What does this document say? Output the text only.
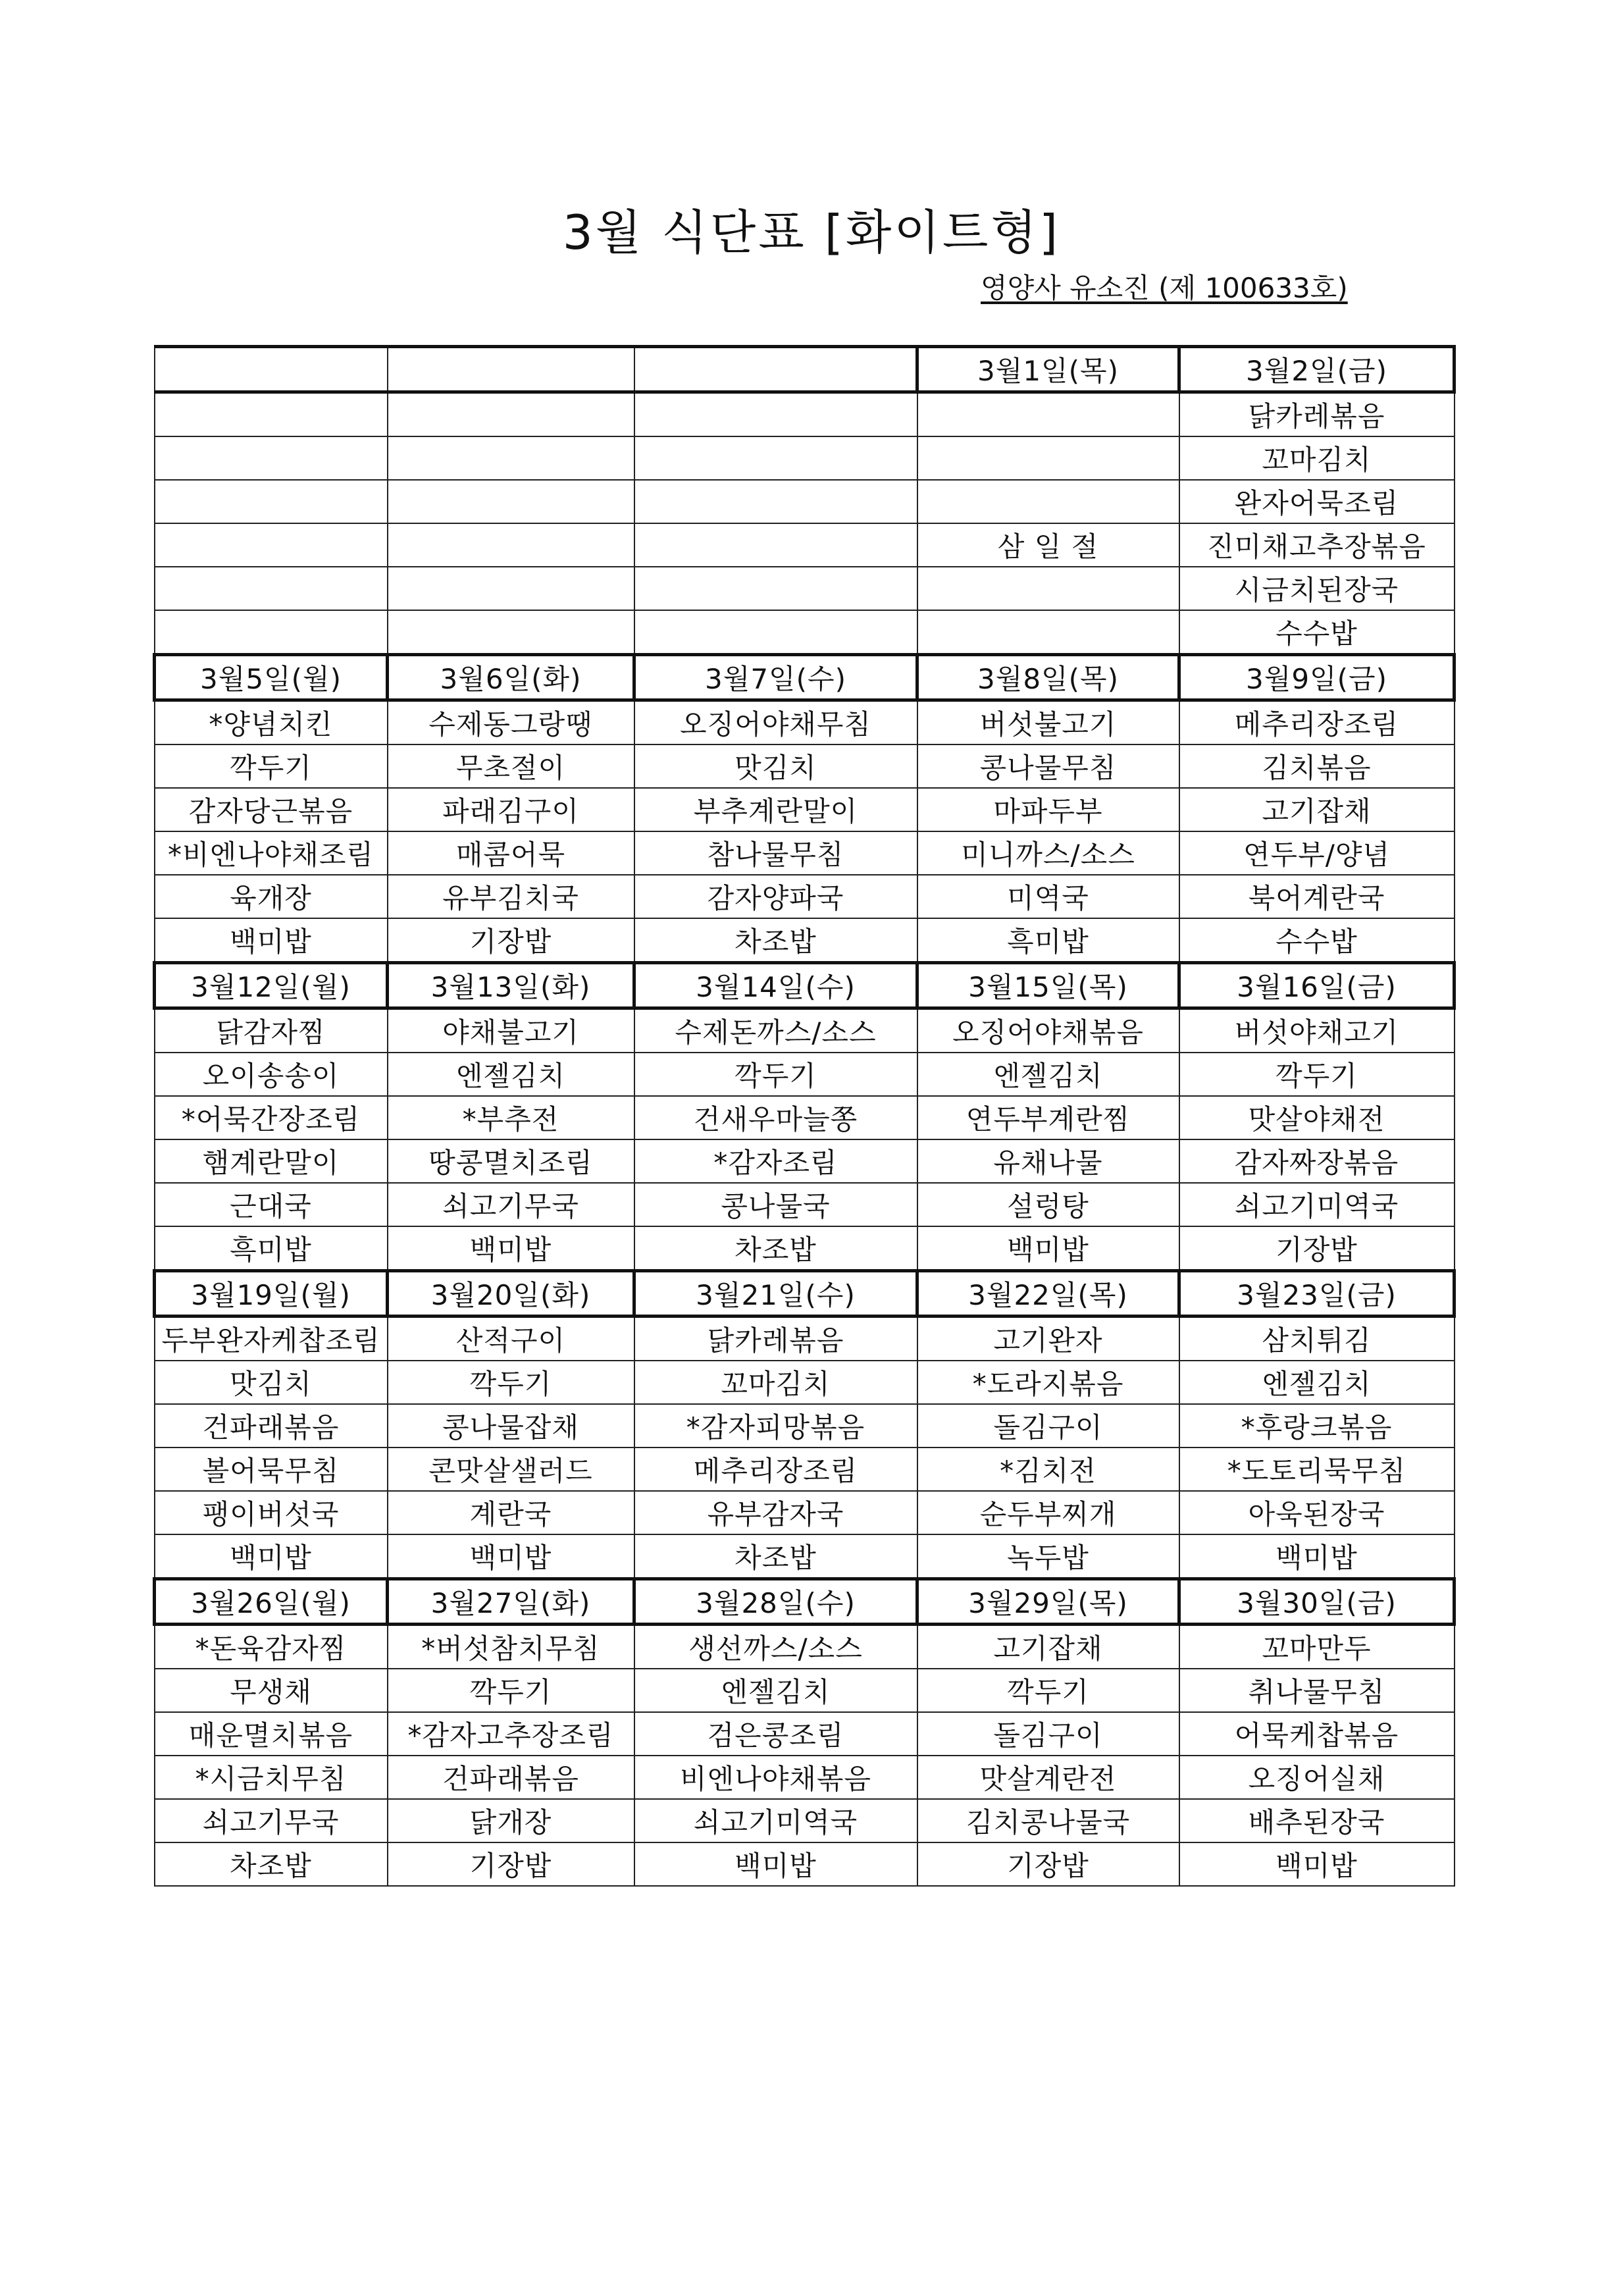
3월 식단표 [화이트형]
영양사 유소진 (제 100633호)
			3월1일(목)	3월2일(금)
				닭카레볶음
				꼬마김치
				완자어묵조림
			삼 일 절	진미채고추장볶음
				시금치된장국
				수수밥
3월5일(월)	3월6일(화)	3월7일(수)	3월8일(목)	3월9일(금)
*양념치킨	수제동그랑땡	오징어야채무침	버섯불고기	메추리장조림
깍두기	무초절이	맛김치	콩나물무침	김치볶음
감자당근볶음	파래김구이	부추계란말이	마파두부	고기잡채
*비엔나야채조림	매콤어묵	참나물무침	미니까스/소스	연두부/양념
육개장	유부김치국	감자양파국	미역국	북어계란국
백미밥	기장밥	차조밥	흑미밥	수수밥
3월12일(월)	3월13일(화)	3월14일(수)	3월15일(목)	3월16일(금)
닭감자찜	야채불고기	수제돈까스/소스	오징어야채볶음	버섯야채고기
오이송송이	엔젤김치	깍두기	엔젤김치	깍두기
*어묵간장조림	*부추전	건새우마늘쫑	연두부계란찜	맛살야채전
햄계란말이	땅콩멸치조림	*감자조림	유채나물	감자짜장볶음
근대국	쇠고기무국	콩나물국	설렁탕	쇠고기미역국
흑미밥	백미밥	차조밥	백미밥	기장밥
3월19일(월)	3월20일(화)	3월21일(수)	3월22일(목)	3월23일(금)
두부완자케찹조림	산적구이	닭카레볶음	고기완자	삼치튀김
맛김치	깍두기	꼬마김치	*도라지볶음	엔젤김치
건파래볶음	콩나물잡채	*감자피망볶음	돌김구이	*후랑크볶음
볼어묵무침	콘맛살샐러드	메추리장조림	*김치전	*도토리묵무침
팽이버섯국	계란국	유부감자국	순두부찌개	아욱된장국
백미밥	백미밥	차조밥	녹두밥	백미밥
3월26일(월)	3월27일(화)	3월28일(수)	3월29일(목)	3월30일(금)
*돈육감자찜	*버섯참치무침	생선까스/소스	고기잡채	꼬마만두
무생채	깍두기	엔젤김치	깍두기	취나물무침
매운멸치볶음	*감자고추장조림	검은콩조림	돌김구이	어묵케찹볶음
*시금치무침	건파래볶음	비엔나야채볶음	맛살계란전	오징어실채
쇠고기무국	닭개장	쇠고기미역국	김치콩나물국	배추된장국
차조밥	기장밥	백미밥	기장밥	백미밥
